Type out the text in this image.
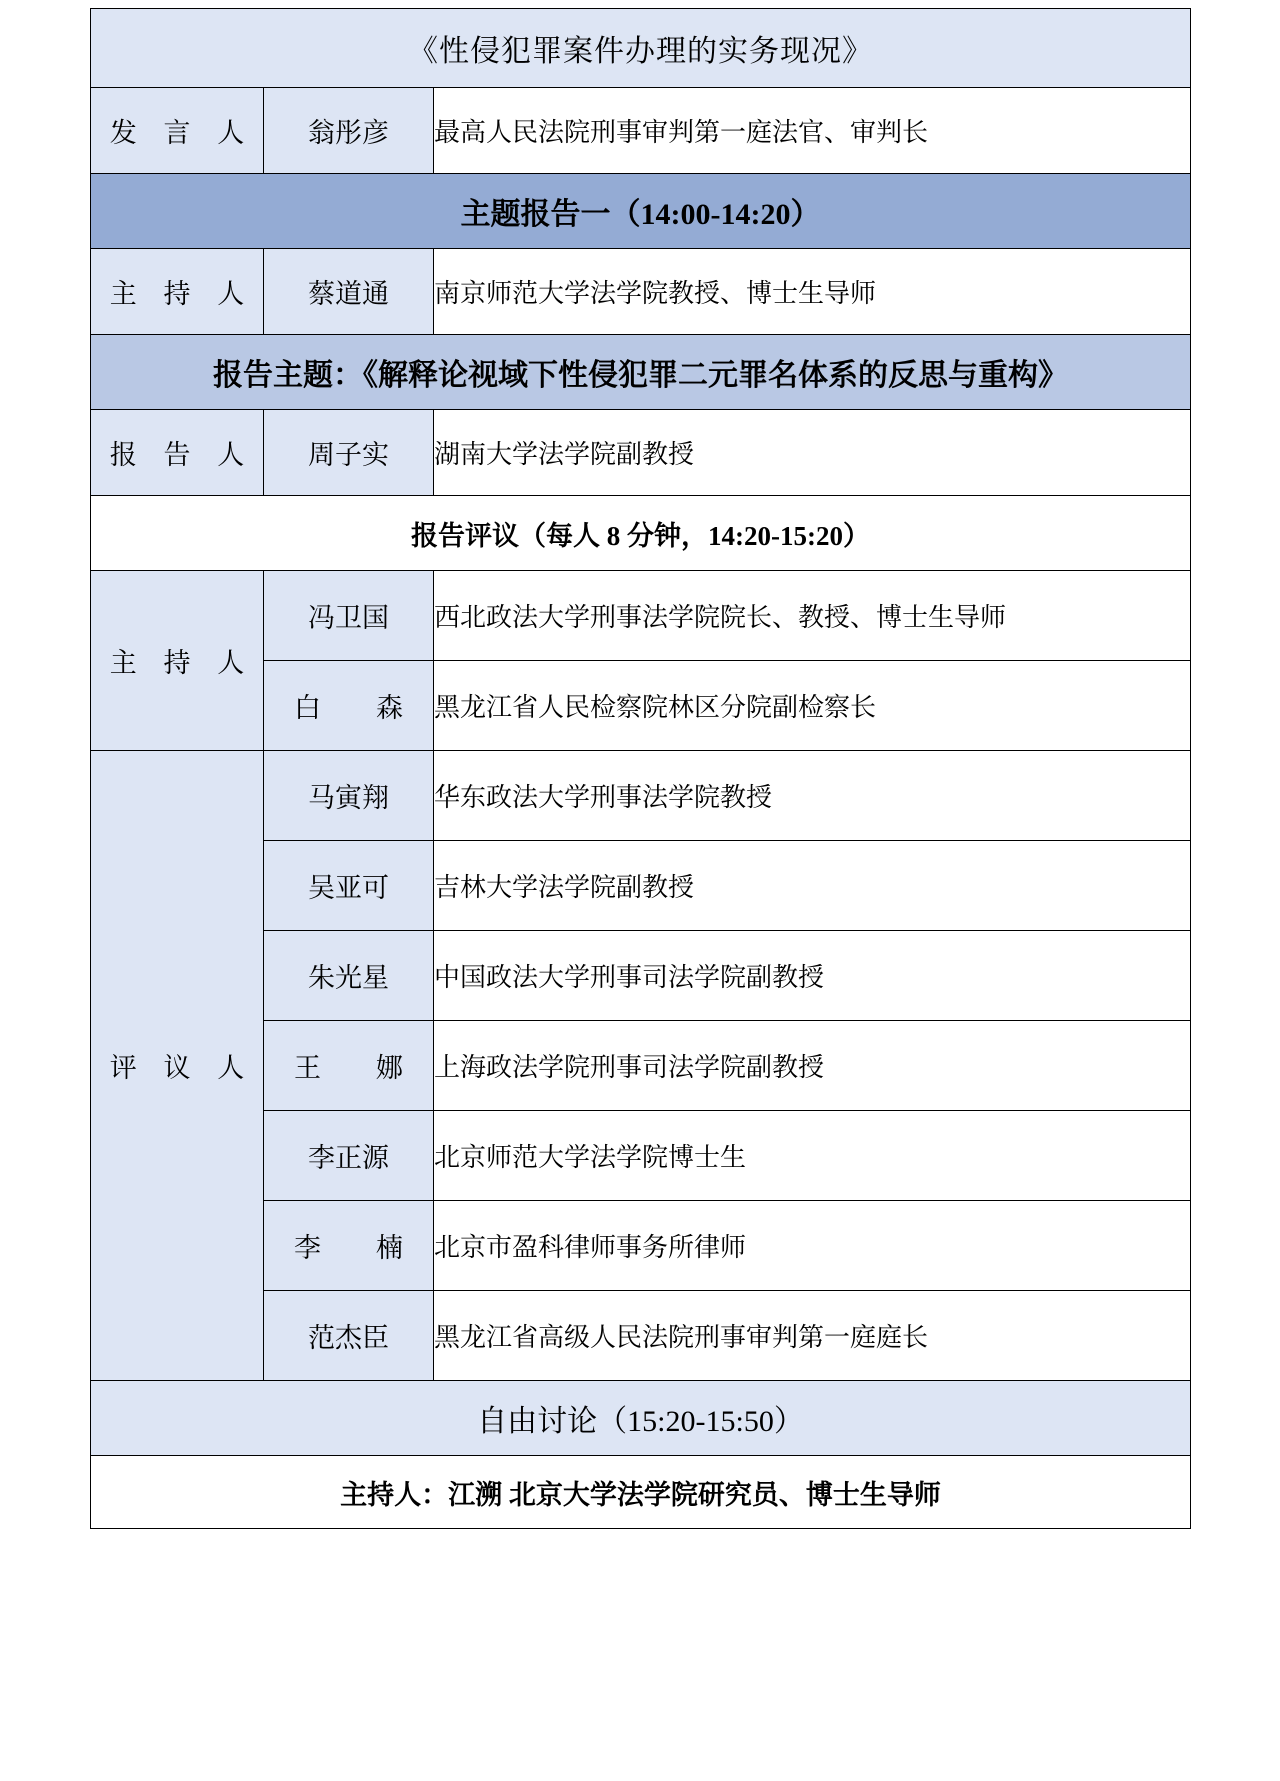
《性侵犯罪案件办理的实务现况》		
发 言 人	翁彤彦	最高人民法院刑事审判第一庭法官、审判长
主题报告一（14:00-14:20）		
主 持 人	蔡道通	南京师范大学法学院教授、博士生导师
报告主题：《解释论视域下性侵犯罪二元罪名体系的反思与重构》		
报 告 人	周子实	湖南大学法学院副教授
报告评议（每人 8 分钟，14:20-15:20）		
主 持 人	冯卫国	西北政法大学刑事法学院院长、教授、博士生导师
	白　森	黑龙江省人民检察院林区分院副检察长
评 议 人	马寅翔	华东政法大学刑事法学院教授
	吴亚可	吉林大学法学院副教授
	朱光星	中国政法大学刑事司法学院副教授
	王　娜	上海政法学院刑事司法学院副教授
	李正源	北京师范大学法学院博士生
	李　楠	北京市盈科律师事务所律师
	范杰臣	黑龙江省高级人民法院刑事审判第一庭庭长
自由讨论（15:20-15:50）		
主持人：江溯 北京大学法学院研究员、博士生导师		
